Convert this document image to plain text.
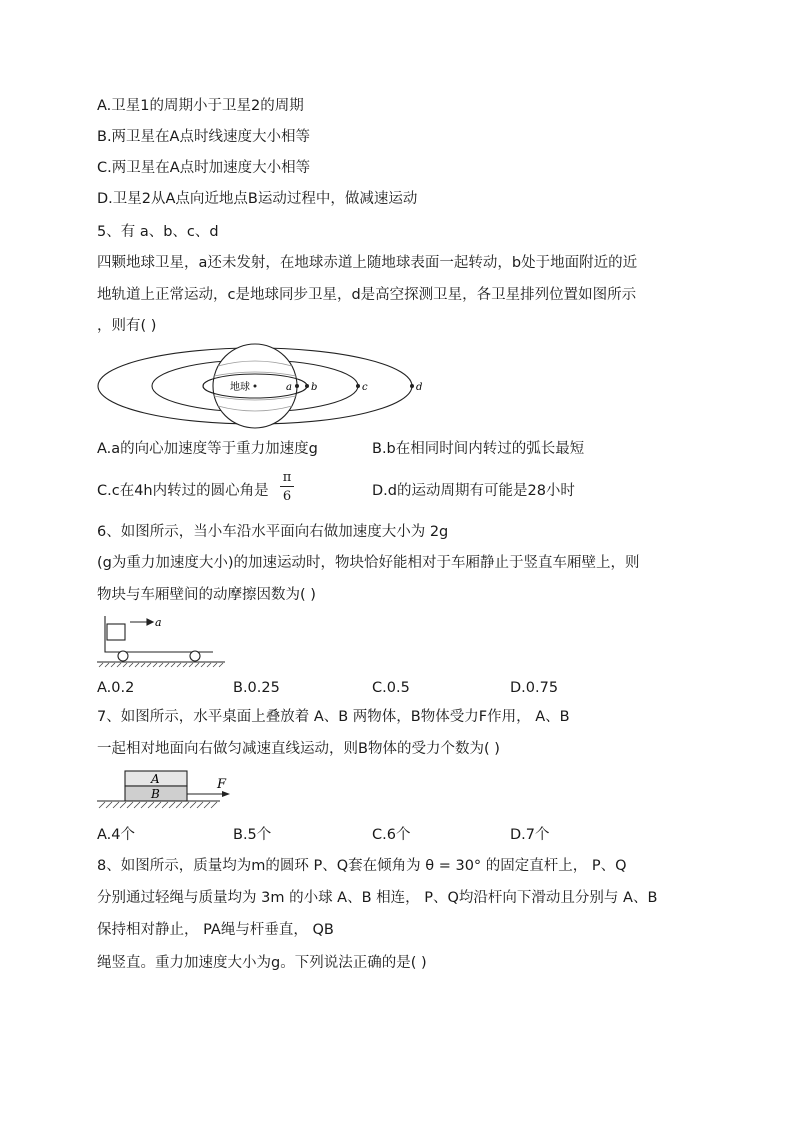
A.卫星1的周期小于卫星2的周期
B.两卫星在A点时线速度大小相等
C.两卫星在A点时加速度大小相等
D.卫星2从A点向近地点B运动过程中，做减速运动
5、有 a、b、c、d
四颗地球卫星，a还未发射，在地球赤道上随地球表面一起转动，b处于地面附近的近
地轨道上正常运动，c是地球同步卫星，d是高空探测卫星，各卫星排列位置如图所示
，则有( )
地球	a b	c	d
A.a的向心加速度等于重力加速度g	B.b在相同时间内转过的弧长最短
C.c在4h内转过的圆心角是
π
6	D.d的运动周期有可能是28小时
6、如图所示，当小车沿水平面向右做加速度大小为 2g
(g为重力加速度大小)的加速运动时，物块恰好能相对于车厢静止于竖直车厢壁上，则
物块与车厢壁间的动摩擦因数为( )
a
A.0.2	B.0.25	C.0.5	D.0.75
7、如图所示，水平桌面上叠放着 A、B 两物体，B物体受力F作用， A、B
一起相对地面向右做匀减速直线运动，则B物体的受力个数为( )
A
B
F
A.4个	B.5个	C.6个	D.7个
8、如图所示，质量均为m的圆环 P、Q套在倾角为 θ = 30° 的固定直杆上， P、Q
分别通过轻绳与质量均为 3m 的小球 A、B 相连， P、Q均沿杆向下滑动且分别与 A、B
保持相对静止， PA绳与杆垂直， QB
绳竖直。重力加速度大小为g。下列说法正确的是( )
